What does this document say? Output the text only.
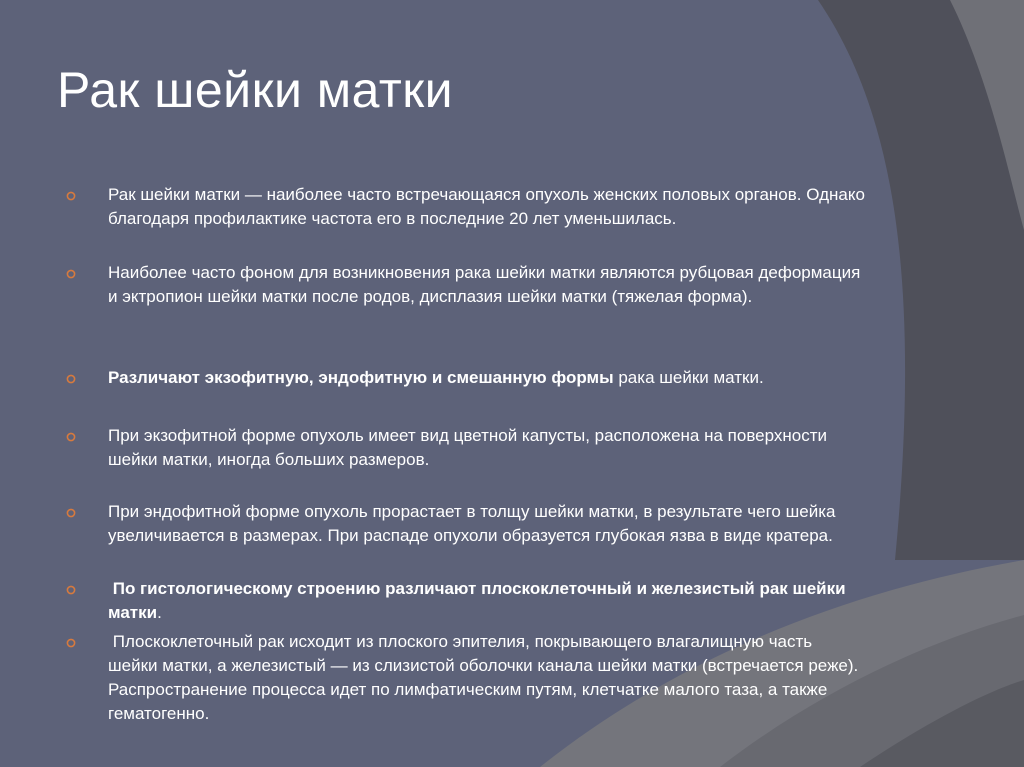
Рак шейки матки
Рак шейки матки — наиболее часто встречающаяся опухоль женских половых органов. Однако благодаря профилактике частота его в последние 20 лет уменьшилась.
Наиболее часто фоном для возникновения рака шейки матки являются рубцовая деформация и эктропион шейки матки после родов, дисплазия шейки матки (тяжелая форма).
Различают экзофитную, эндофитную и смешанную формы рака шейки матки.
При экзофитной форме опухоль имеет вид цветной капусты, расположена на поверхности шейки матки, иногда больших размеров.
При эндофитной форме опухоль прорастает в толщу шейки матки, в результате чего шейка увеличивается в размерах. При распаде опухоли образуется глубокая язва в виде кратера.
По гистологическому строению различают плоскоклеточный и железистый рак шейки матки.
Плоскоклеточный рак исходит из плоского эпителия, покрывающего влагалищную часть шейки матки, а железистый — из слизистой оболочки канала шейки матки (встречается реже). Распространение процесса идет по лимфатическим путям, клетчатке малого таза, а также гематогенно.
